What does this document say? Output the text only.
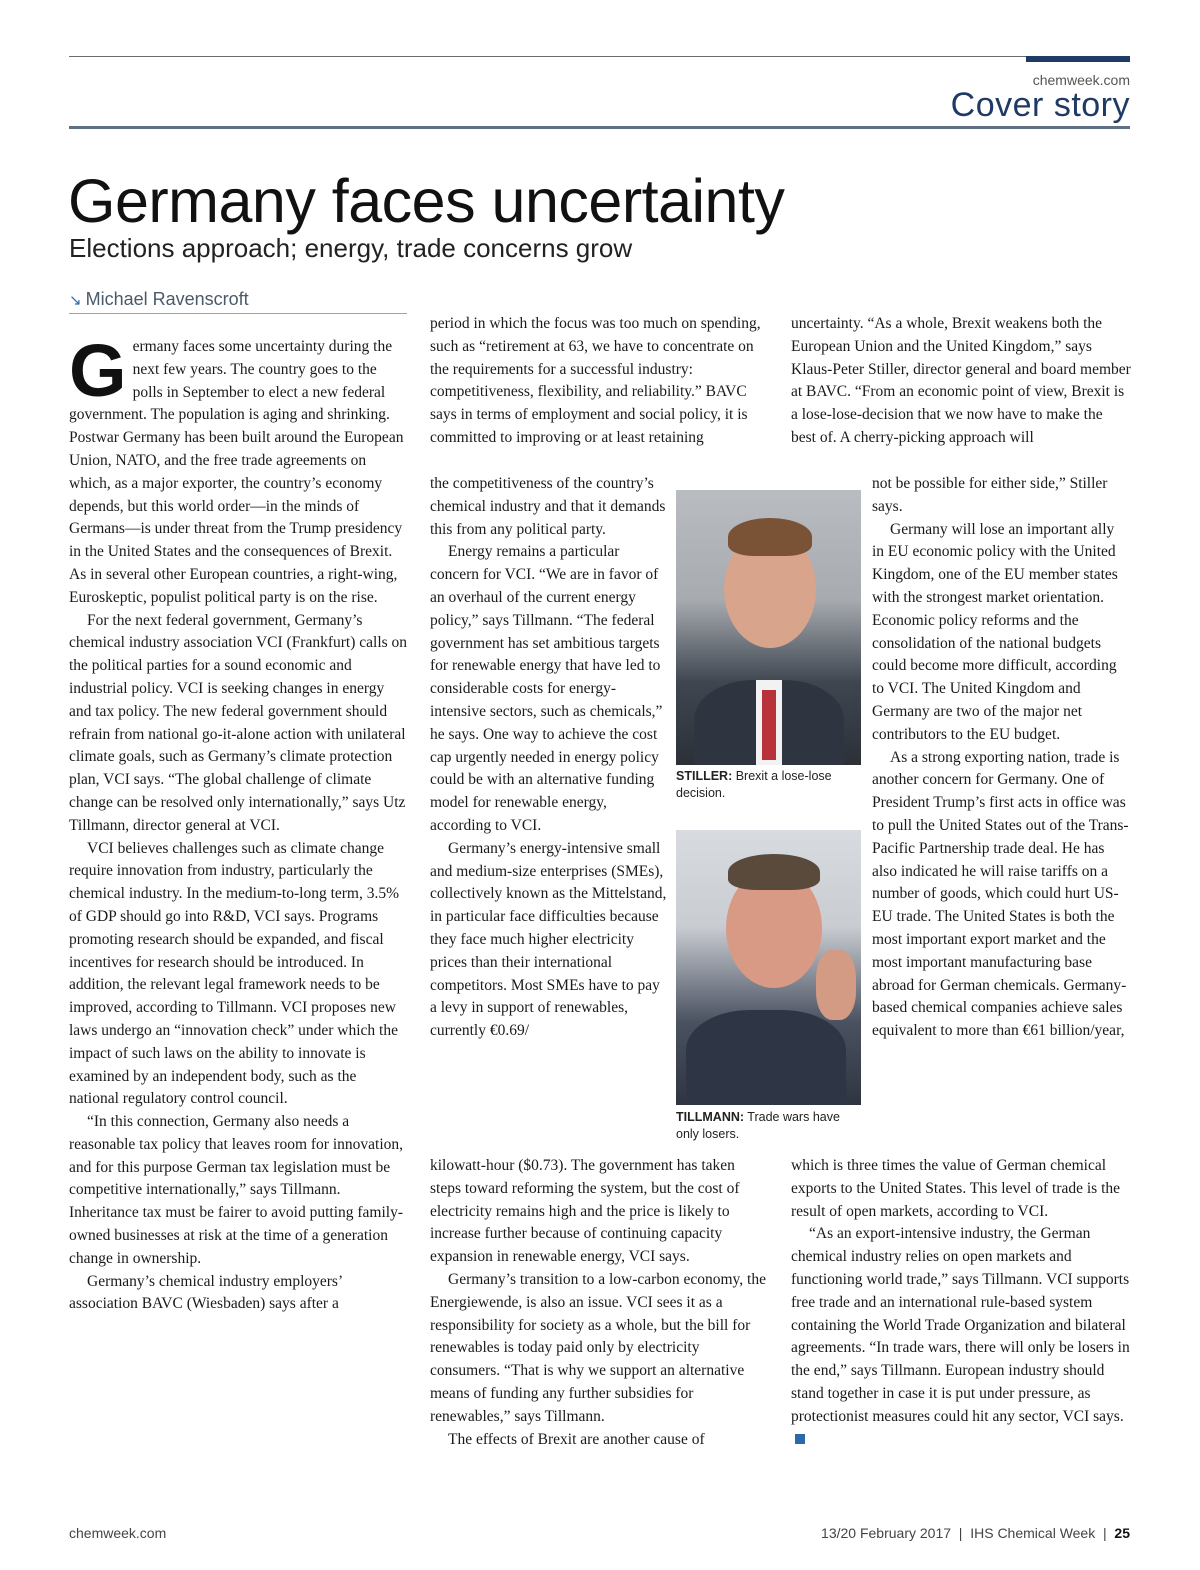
chemweek.com
Cover story
Germany faces uncertainty
Elections approach; energy, trade concerns grow
↘ Michael Ravenscroft

Germany faces some uncertainty during the next few years. The country goes to the polls in September to elect a new federal government. The population is aging and shrinking. Postwar Germany has been built around the European Union, NATO, and the free trade agreements on which, as a major exporter, the country’s economy depends, but this world order—in the minds of Germans—is under threat from the Trump presidency in the United States and the consequences of Brexit. As in several other European countries, a right-wing, Euroskeptic, populist political party is on the rise.

For the next federal government, Germany’s chemical industry association VCI (Frankfurt) calls on the political parties for a sound economic and industrial policy. VCI is seeking changes in energy and tax policy. The new federal government should refrain from national go-it-alone action with unilateral climate goals, such as Germany’s climate protection plan, VCI says. “The global challenge of climate change can be resolved only internationally,” says Utz Tillmann, director general at VCI.

VCI believes challenges such as climate change require innovation from industry, particularly the chemical industry. In the medium-to-long term, 3.5% of GDP should go into R&D, VCI says. Programs promoting research should be expanded, and fiscal incentives for research should be introduced. In addition, the relevant legal framework needs to be improved, according to Tillmann. VCI proposes new laws undergo an “innovation check” under which the impact of such laws on the ability to innovate is examined by an independent body, such as the national regulatory control council.

“In this connection, Germany also needs a reasonable tax policy that leaves room for innovation, and for this purpose German tax legislation must be competitive internationally,” says Tillmann. Inheritance tax must be fairer to avoid putting family-owned businesses at risk at the time of a generation change in ownership.

Germany’s chemical industry employers’ association BAVC (Wiesbaden) says after a

period in which the focus was too much on spending, such as “retirement at 63, we have to concentrate on the requirements for a successful industry: competitiveness, flexibility, and reliability.” BAVC says in terms of employment and social policy, it is committed to improving or at least retaining

the competitiveness of the country’s chemical industry and that it demands this from any political party.

Energy remains a particular concern for VCI. “We are in favor of an overhaul of the current energy policy,” says Tillmann. “The federal government has set ambitious targets for renewable energy that have led to considerable costs for energy-intensive sectors, such as chemicals,” he says. One way to achieve the cost cap urgently needed in energy policy could be with an alternative funding model for renewable energy, according to VCI.

Germany’s energy-intensive small and medium-size enterprises (SMEs), collectively known as the Mittelstand, in particular face difficulties because they face much higher electricity prices than their international competitors. Most SMEs have to pay a levy in support of renewables, currently €0.69/

kilowatt-hour ($0.73). The government has taken steps toward reforming the system, but the cost of electricity remains high and the price is likely to increase further because of continuing capacity expansion in renewable energy, VCI says.

Germany’s transition to a low-carbon economy, the Energiewende, is also an issue. VCI sees it as a responsibility for society as a whole, but the bill for renewables is today paid only by electricity consumers. “That is why we support an alternative means of funding any further subsidies for renewables,” says Tillmann.

The effects of Brexit are another cause of

STILLER: Brexit a lose-lose decision.
TILLMANN: Trade wars have only losers.

uncertainty. “As a whole, Brexit weakens both the European Union and the United Kingdom,” says Klaus-Peter Stiller, director general and board member at BAVC. “From an economic point of view, Brexit is a lose-lose-decision that we now have to make the best of. A cherry-picking approach will

not be possible for either side,” Stiller says.

Germany will lose an important ally in EU economic policy with the United Kingdom, one of the EU member states with the strongest market orientation. Economic policy reforms and the consolidation of the national budgets could become more difficult, according to VCI. The United Kingdom and Germany are two of the major net contributors to the EU budget.

As a strong exporting nation, trade is another concern for Germany. One of President Trump’s first acts in office was to pull the United States out of the Trans-Pacific Partnership trade deal. He has also indicated he will raise tariffs on a number of goods, which could hurt US-EU trade. The United States is both the most important export market and the most important manufacturing base abroad for German chemicals. Germany-based chemical companies achieve sales equivalent to more than €61 billion/year,

which is three times the value of German chemical exports to the United States. This level of trade is the result of open markets, according to VCI.

“As an export-intensive industry, the German chemical industry relies on open markets and functioning world trade,” says Tillmann. VCI supports free trade and an international rule-based system containing the World Trade Organization and bilateral agreements. “In trade wars, there will only be losers in the end,” says Tillmann. European industry should stand together in case it is put under pressure, as protectionist measures could hit any sector, VCI says.

chemweek.com	13/20 February 2017  |  IHS Chemical Week  |  25
